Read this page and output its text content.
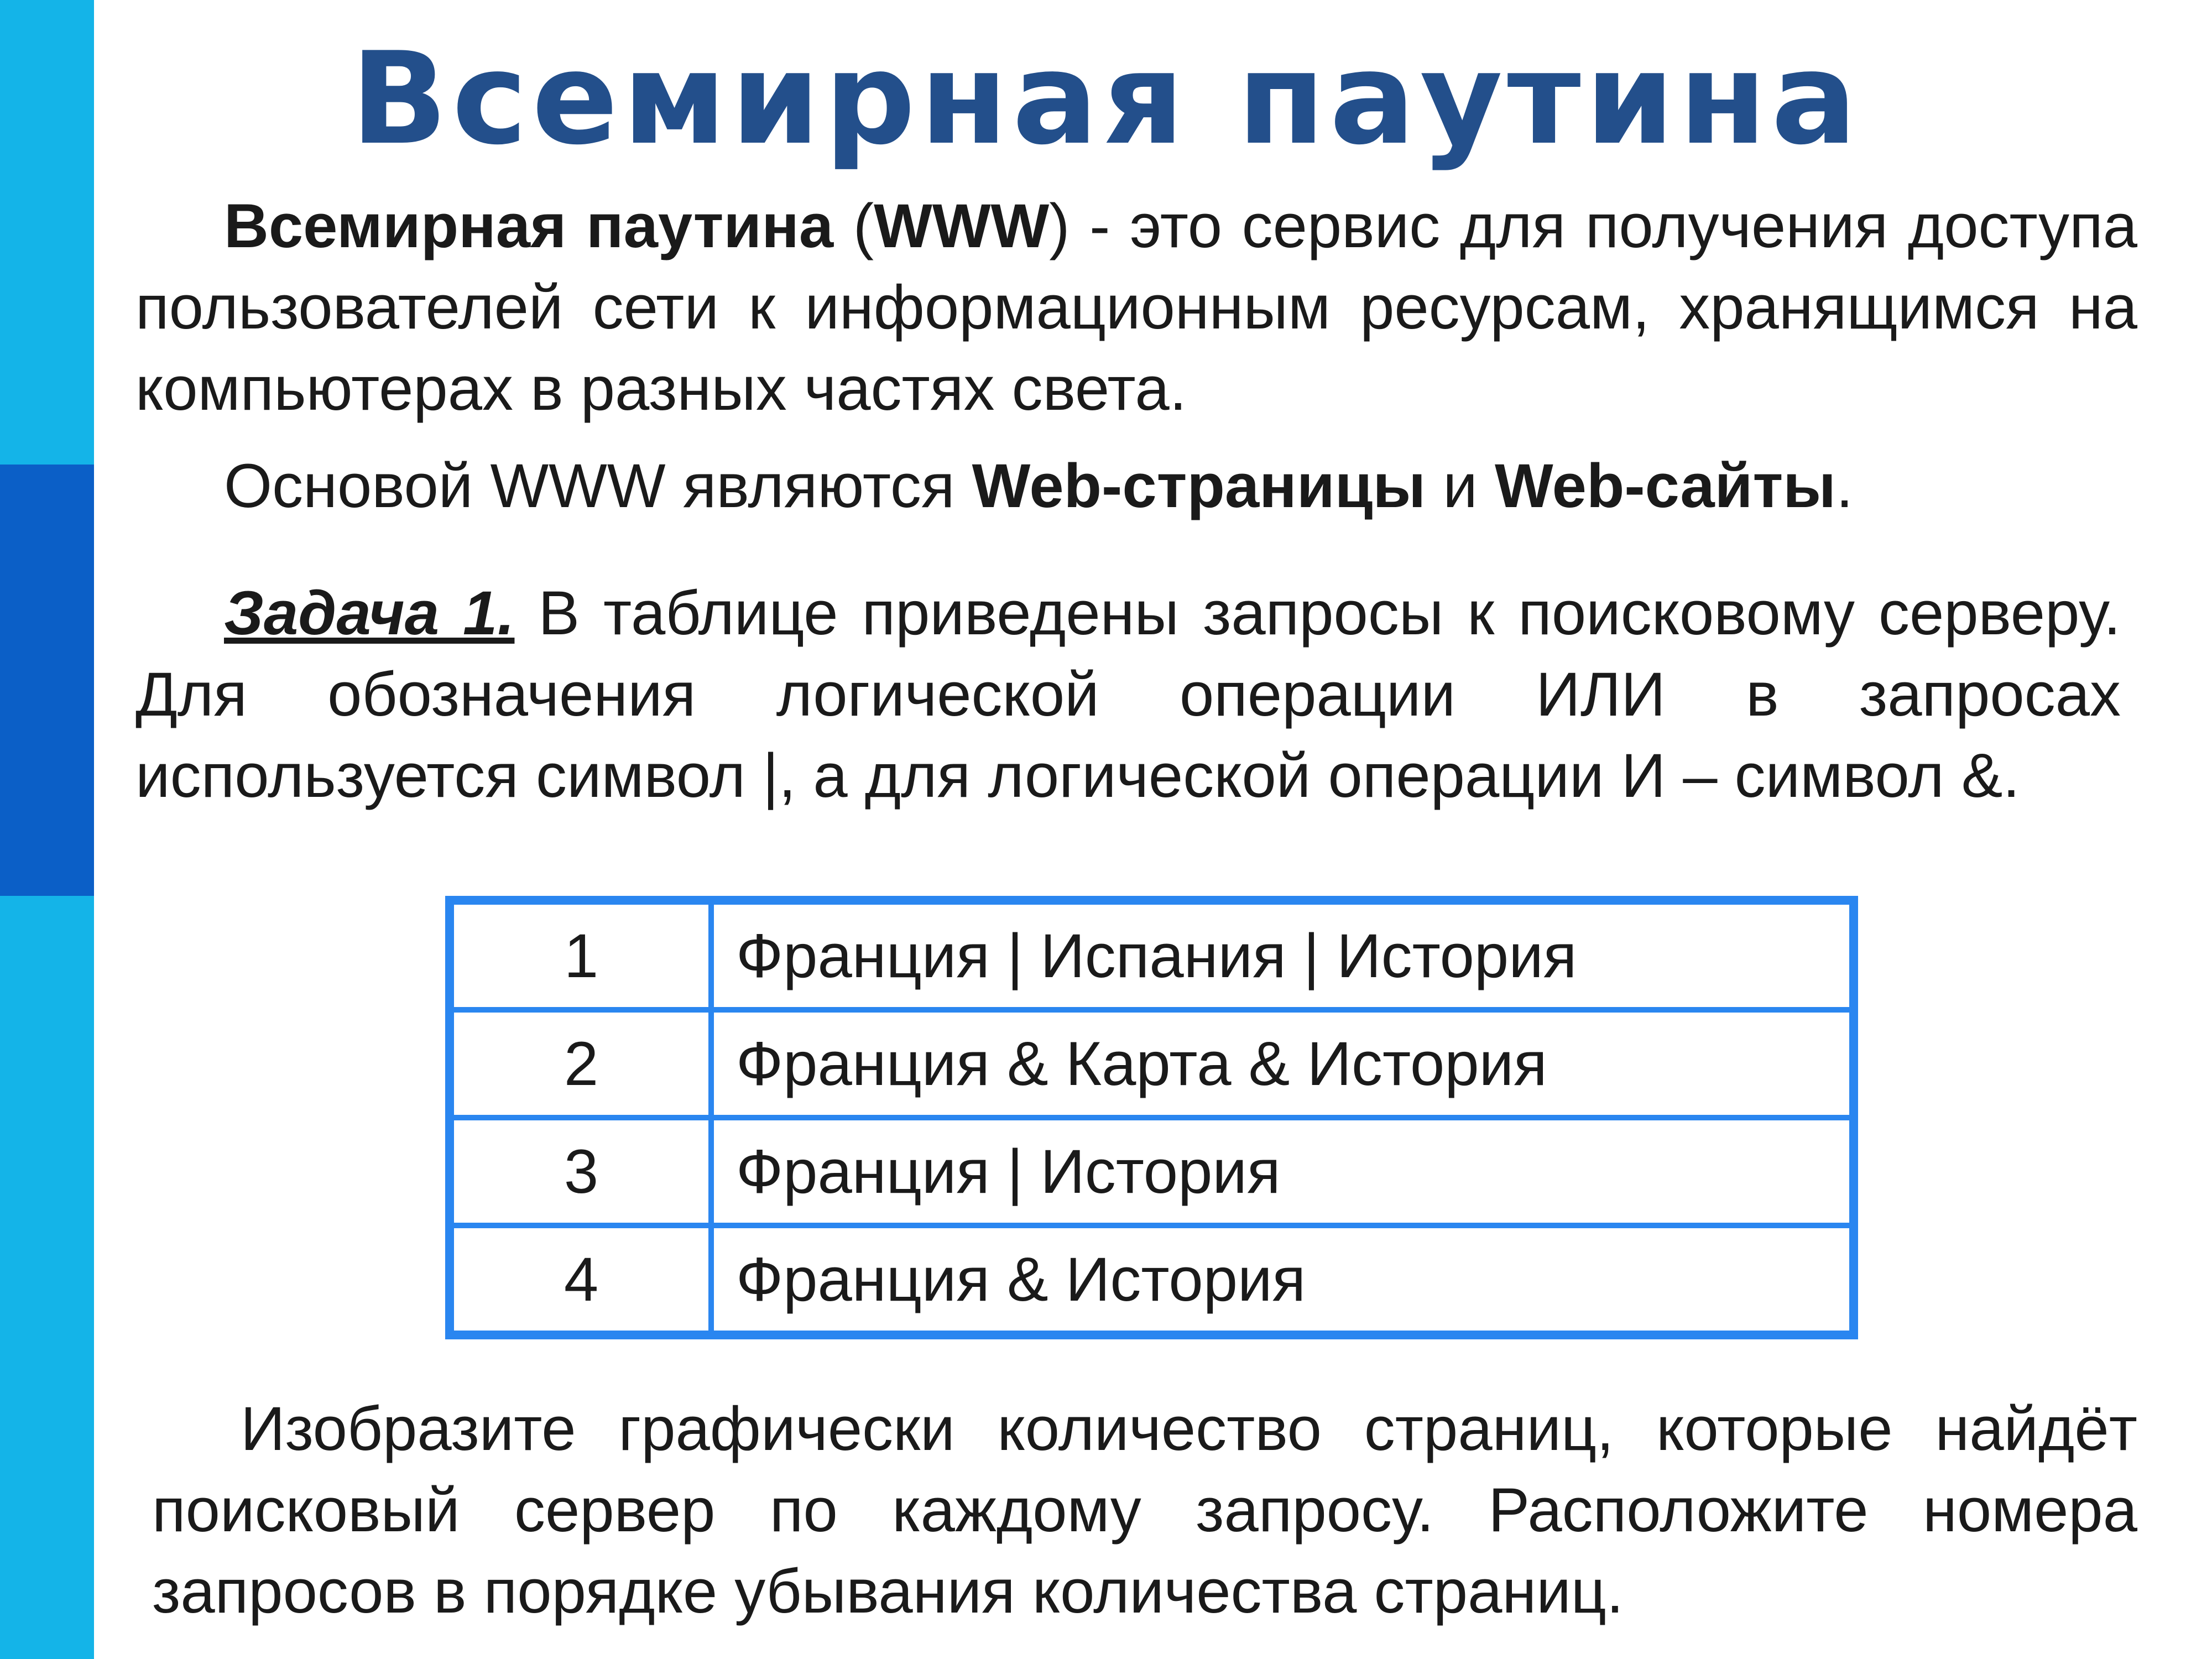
Всемирная паутина

Всемирная паутина (WWW) - это сервис для получения доступа пользователей сети к информационным ресурсам, хранящимся на компьютерах в разных частях света.

Основой WWW являются Web-страницы и Web-сайты.

Задача 1. В таблице приведены запросы к поисковому серверу. Для обозначения логической операции ИЛИ в запросах используется символ |, а для логической операции И – символ &.

1	Франция | Испания | История
2	Франция & Карта & История
3	Франция | История
4	Франция & История

Изобразите графически количество страниц, которые найдёт поисковый сервер по каждому запросу. Расположите номера запросов в порядке убывания количества страниц.
